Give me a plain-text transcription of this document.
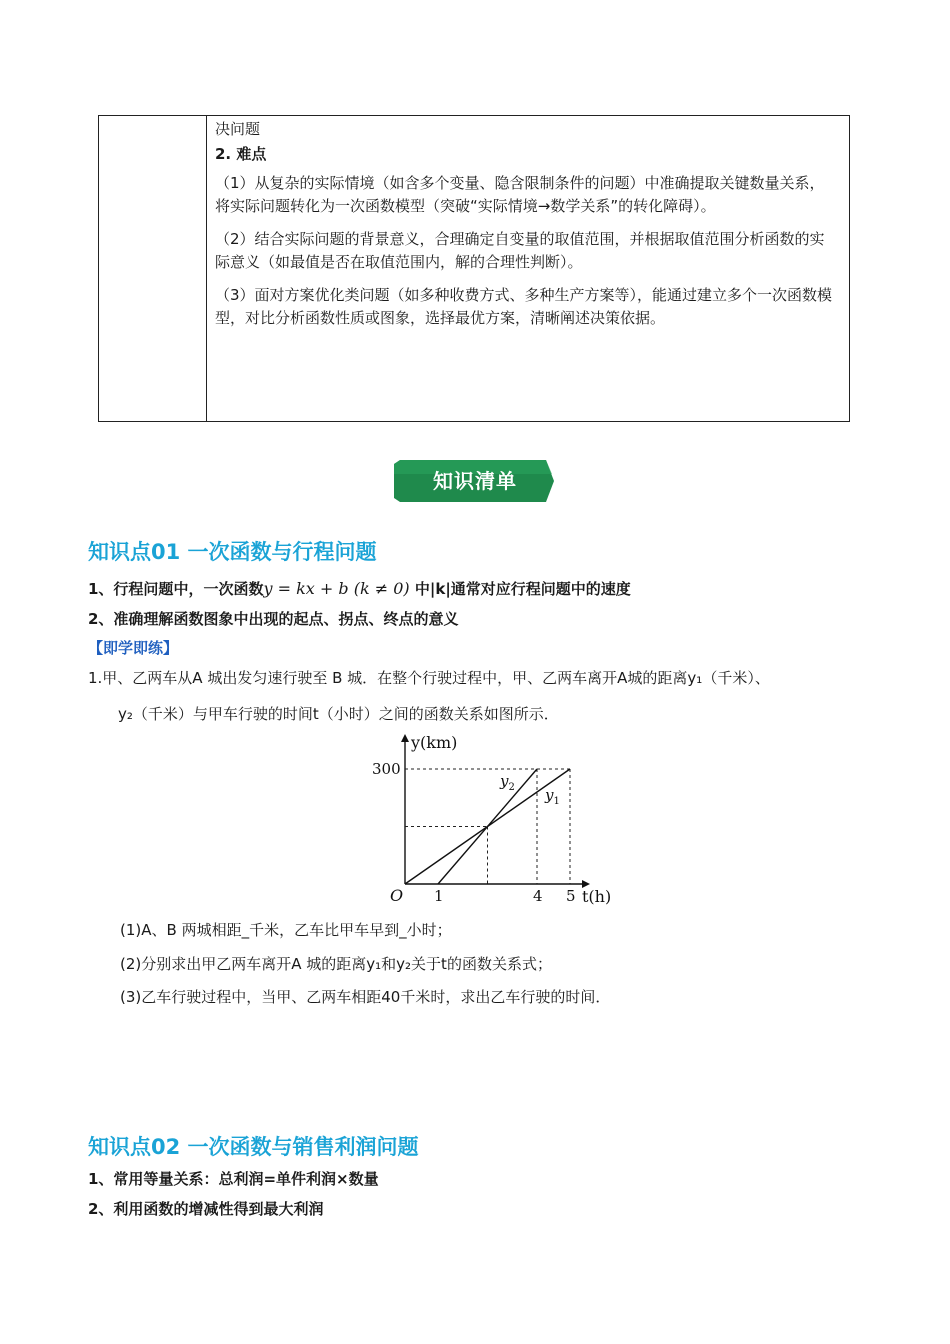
决问题

2. 难点

（1）从复杂的实际情境（如含多个变量、隐含限制条件的问题）中准确提取关键数量关系，将实际问题转化为一次函数模型（突破“实际情境→数学关系”的转化障碍）。

（2）结合实际问题的背景意义，合理确定自变量的取值范围，并根据取值范围分析函数的实际意义（如最值是否在取值范围内，解的合理性判断）。

（3）面对方案优化类问题（如多种收费方式、多种生产方案等），能通过建立多个一次函数模型，对比分析函数性质或图象，选择最优方案，清晰阐述决策依据。

知识清单
知识点01 一次函数与行程问题
1、行程问题中，一次函数y = kx + b (k ≠ 0) 中|k|通常对应行程问题中的速度
2、准确理解函数图象中出现的起点、拐点、终点的意义
【即学即练】
1.甲、乙两车从A 城出发匀速行驶至 B 城．在整个行驶过程中，甲、乙两车离开A城的距离y₁（千米）、
y₂（千米）与甲车行驶的时间t（小时）之间的函数关系如图所示．
y(km)
t(h)
O 1	4 5
300
$y_1$
$y_2$
(1)A、B 两城相距_千米，乙车比甲车早到_小时；
(2)分别求出甲乙两车离开A 城的距离y₁和y₂关于t的函数关系式；
(3)乙车行驶过程中，当甲、乙两车相距40千米时，求出乙车行驶的时间．
知识点02 一次函数与销售利润问题
1、常用等量关系：总利润=单件利润×数量
2、利用函数的增减性得到最大利润
